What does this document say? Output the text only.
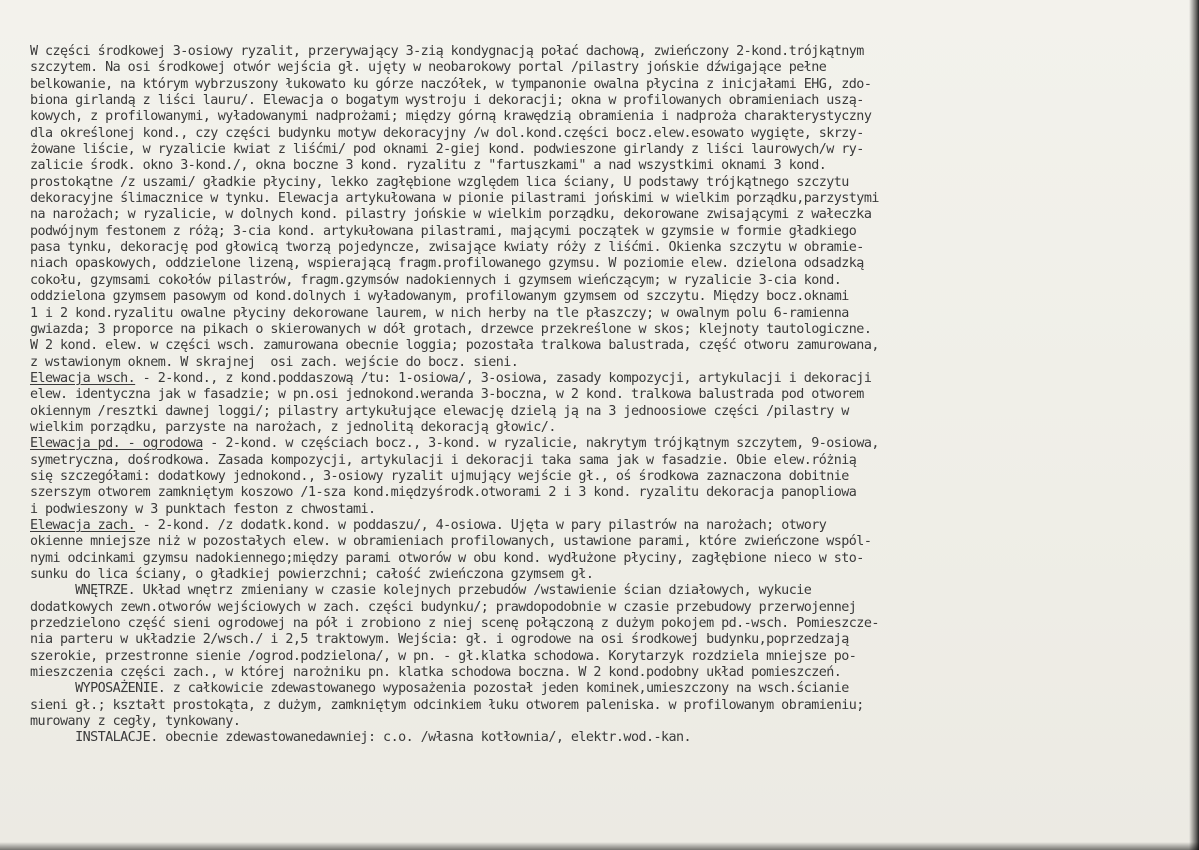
W części środkowej 3-osiowy ryzalit, przerywający 3-zią kondygnacją połać dachową, zwieńczony 2-kond.trójkątnym
szczytem. Na osi środkowej otwór wejścia gł. ujęty w neobarokowy portal /pilastry jońskie dźwigające pełne
belkowanie, na którym wybrzuszony łukowato ku górze naczółek, w tympanonie owalna płycina z inicjałami EHG, zdo-
biona girlandą z liści lauru/. Elewacja o bogatym wystroju i dekoracji; okna w profilowanych obramieniach uszą-
kowych, z profilowanymi, wyładowanymi nadprożami; między górną krawędzią obramienia i nadproża charakterystyczny
dla określonej kond., czy części budynku motyw dekoracyjny /w dol.kond.części bocz.elew.esowato wygięte, skrzy-
żowane liście, w ryzalicie kwiat z liśćmi/ pod oknami 2-giej kond. podwieszone girlandy z liści laurowych/w ry-
zalicie środk. okno 3-kond./, okna boczne 3 kond. ryzalitu z "fartuszkami" a nad wszystkimi oknami 3 kond.
prostokątne /z uszami/ gładkie płyciny, lekko zagłębione względem lica ściany, U podstawy trójkątnego szczytu
dekoracyjne ślimacznice w tynku. Elewacja artykułowana w pionie pilastrami jońskimi w wielkim porządku,parzystymi
na narożach; w ryzalicie, w dolnych kond. pilastry jońskie w wielkim porządku, dekorowane zwisającymi z wałeczka
podwójnym festonem z różą; 3-cia kond. artykułowana pilastrami, mającymi początek w gzymsie w formie gładkiego
pasa tynku, dekorację pod głowicą tworzą pojedyncze, zwisające kwiaty róży z liśćmi. Okienka szczytu w obramie-
niach opaskowych, oddzielone lizeną, wspierającą fragm.profilowanego gzymsu. W poziomie elew. dzielona odsadzką
cokołu, gzymsami cokołów pilastrów, fragm.gzymsów nadokiennych i gzymsem wieńczącym; w ryzalicie 3-cia kond.
oddzielona gzymsem pasowym od kond.dolnych i wyładowanym, profilowanym gzymsem od szczytu. Między bocz.oknami
1 i 2 kond.ryzalitu owalne płyciny dekorowane laurem, w nich herby na tle płaszczy; w owalnym polu 6-ramienna
gwiazda; 3 proporce na pikach o skierowanych w dół grotach, drzewce przekreślone w skos; klejnoty tautologiczne.
W 2 kond. elew. w części wsch. zamurowana obecnie loggia; pozostała tralkowa balustrada, część otworu zamurowana,
z wstawionym oknem. W skrajnej  osi zach. wejście do bocz. sieni.
Elewacja wsch. - 2-kond., z kond.poddaszową /tu: 1-osiowa/, 3-osiowa, zasady kompozycji, artykulacji i dekoracji
elew. identyczna jak w fasadzie; w pn.osi jednokond.weranda 3-boczna, w 2 kond. tralkowa balustrada pod otworem
okiennym /resztki dawnej loggi/; pilastry artykułujące elewację dzielą ją na 3 jednoosiowe części /pilastry w
wielkim porządku, parzyste na narożach, z jednolitą dekoracją głowic/.
Elewacja pd. - ogrodowa - 2-kond. w częściach bocz., 3-kond. w ryzalicie, nakrytym trójkątnym szczytem, 9-osiowa,
symetryczna, dośrodkowa. Zasada kompozycji, artykulacji i dekoracji taka sama jak w fasadzie. Obie elew.różnią
się szczegółami: dodatkowy jednokond., 3-osiowy ryzalit ujmujący wejście gł., oś środkowa zaznaczona dobitnie
szerszym otworem zamkniętym koszowo /1-sza kond.międzyśrodk.otworami 2 i 3 kond. ryzalitu dekoracja panopliowa
i podwieszony w 3 punktach feston z chwostami.
Elewacja zach. - 2-kond. /z dodatk.kond. w poddaszu/, 4-osiowa. Ujęta w pary pilastrów na narożach; otwory
okienne mniejsze niż w pozostałych elew. w obramieniach profilowanych, ustawione parami, które zwieńczone wspól-
nymi odcinkami gzymsu nadokiennego;między parami otworów w obu kond. wydłużone płyciny, zagłębione nieco w sto-
sunku do lica ściany, o gładkiej powierzchni; całość zwieńczona gzymsem gł.
WNĘTRZE. Układ wnętrz zmieniany w czasie kolejnych przebudów /wstawienie ścian działowych, wykucie
dodatkowych zewn.otworów wejściowych w zach. części budynku/; prawdopodobnie w czasie przebudowy przerwojennej
przedzielono część sieni ogrodowej na pół i zrobiono z niej scenę połączoną z dużym pokojem pd.-wsch. Pomieszcze-
nia parteru w układzie 2/wsch./ i 2,5 traktowym. Wejścia: gł. i ogrodowe na osi środkowej budynku,poprzedzają
szerokie, przestronne sienie /ogrod.podzielona/, w pn. - gł.klatka schodowa. Korytarzyk rozdziela mniejsze po-
mieszczenia części zach., w której narożniku pn. klatka schodowa boczna. W 2 kond.podobny układ pomieszczeń.
WYPOSAŻENIE. z całkowicie zdewastowanego wyposażenia pozostał jeden kominek,umieszczony na wsch.ścianie
sieni gł.; kształt prostokąta, z dużym, zamkniętym odcinkiem łuku otworem paleniska. w profilowanym obramieniu;
murowany z cegły, tynkowany.
INSTALACJE. obecnie zdewastowanedawniej: c.o. /własna kotłownia/, elektr.wod.-kan.
